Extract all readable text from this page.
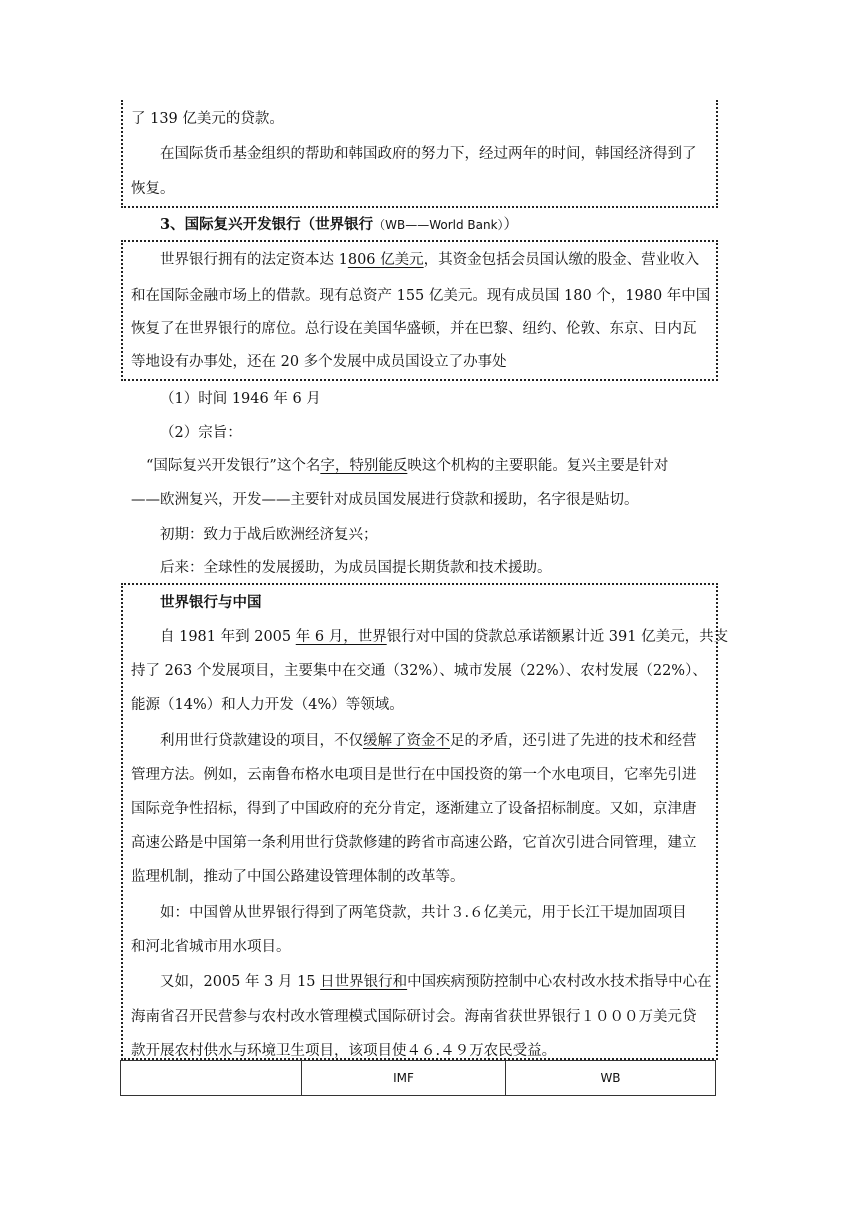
了 139 亿美元的贷款。
在国际货币基金组织的帮助和韩国政府的努力下，经过两年的时间，韩国经济得到了
恢复。
3、国际复兴开发银行（世界银行（WB——World Bank））
世界银行拥有的法定资本达 1806 亿美元，其资金包括会员国认缴的股金、营业收入
和在国际金融市场上的借款。现有总资产 155 亿美元。现有成员国 180 个，1980 年中国
恢复了在世界银行的席位。总行设在美国华盛顿，并在巴黎、纽约、伦敦、东京、日内瓦
等地设有办事处，还在 20 多个发展中成员国设立了办事处
（1）时间 1946 年 6 月
（2）宗旨：
“国际复兴开发银行”这个名字，特别能反映这个机构的主要职能。复兴主要是针对
——欧洲复兴，开发——主要针对成员国发展进行贷款和援助，名字很是贴切。
初期：致力于战后欧洲经济复兴；
后来：全球性的发展援助，为成员国提长期货款和技术援助。
世界银行与中国
自 1981 年到 2005 年 6 月，世界银行对中国的贷款总承诺额累计近 391 亿美元，共支
持了 263 个发展项目，主要集中在交通（32%）、城市发展（22%）、农村发展（22%）、
能源（14%）和人力开发（4%）等领域。
利用世行贷款建设的项目，不仅缓解了资金不足的矛盾，还引进了先进的技术和经营
管理方法。例如，云南鲁布格水电项目是世行在中国投资的第一个水电项目，它率先引进
国际竞争性招标，得到了中国政府的充分肯定，逐渐建立了设备招标制度。又如，京津唐
高速公路是中国第一条利用世行贷款修建的跨省市高速公路，它首次引进合同管理，建立
监理机制，推动了中国公路建设管理体制的改革等。
如：中国曾从世界银行得到了两笔贷款，共计３.６亿美元，用于长江干堤加固项目
和河北省城市用水项目。
又如，2005 年 3 月 15 日世界银行和中国疾病预防控制中心农村改水技术指导中心在
海南省召开民营参与农村改水管理模式国际研讨会。海南省获世界银行１０００万美元贷
款开展农村供水与环境卫生项目，该项目使４６.４９万农民受益。
	IMF	WB
